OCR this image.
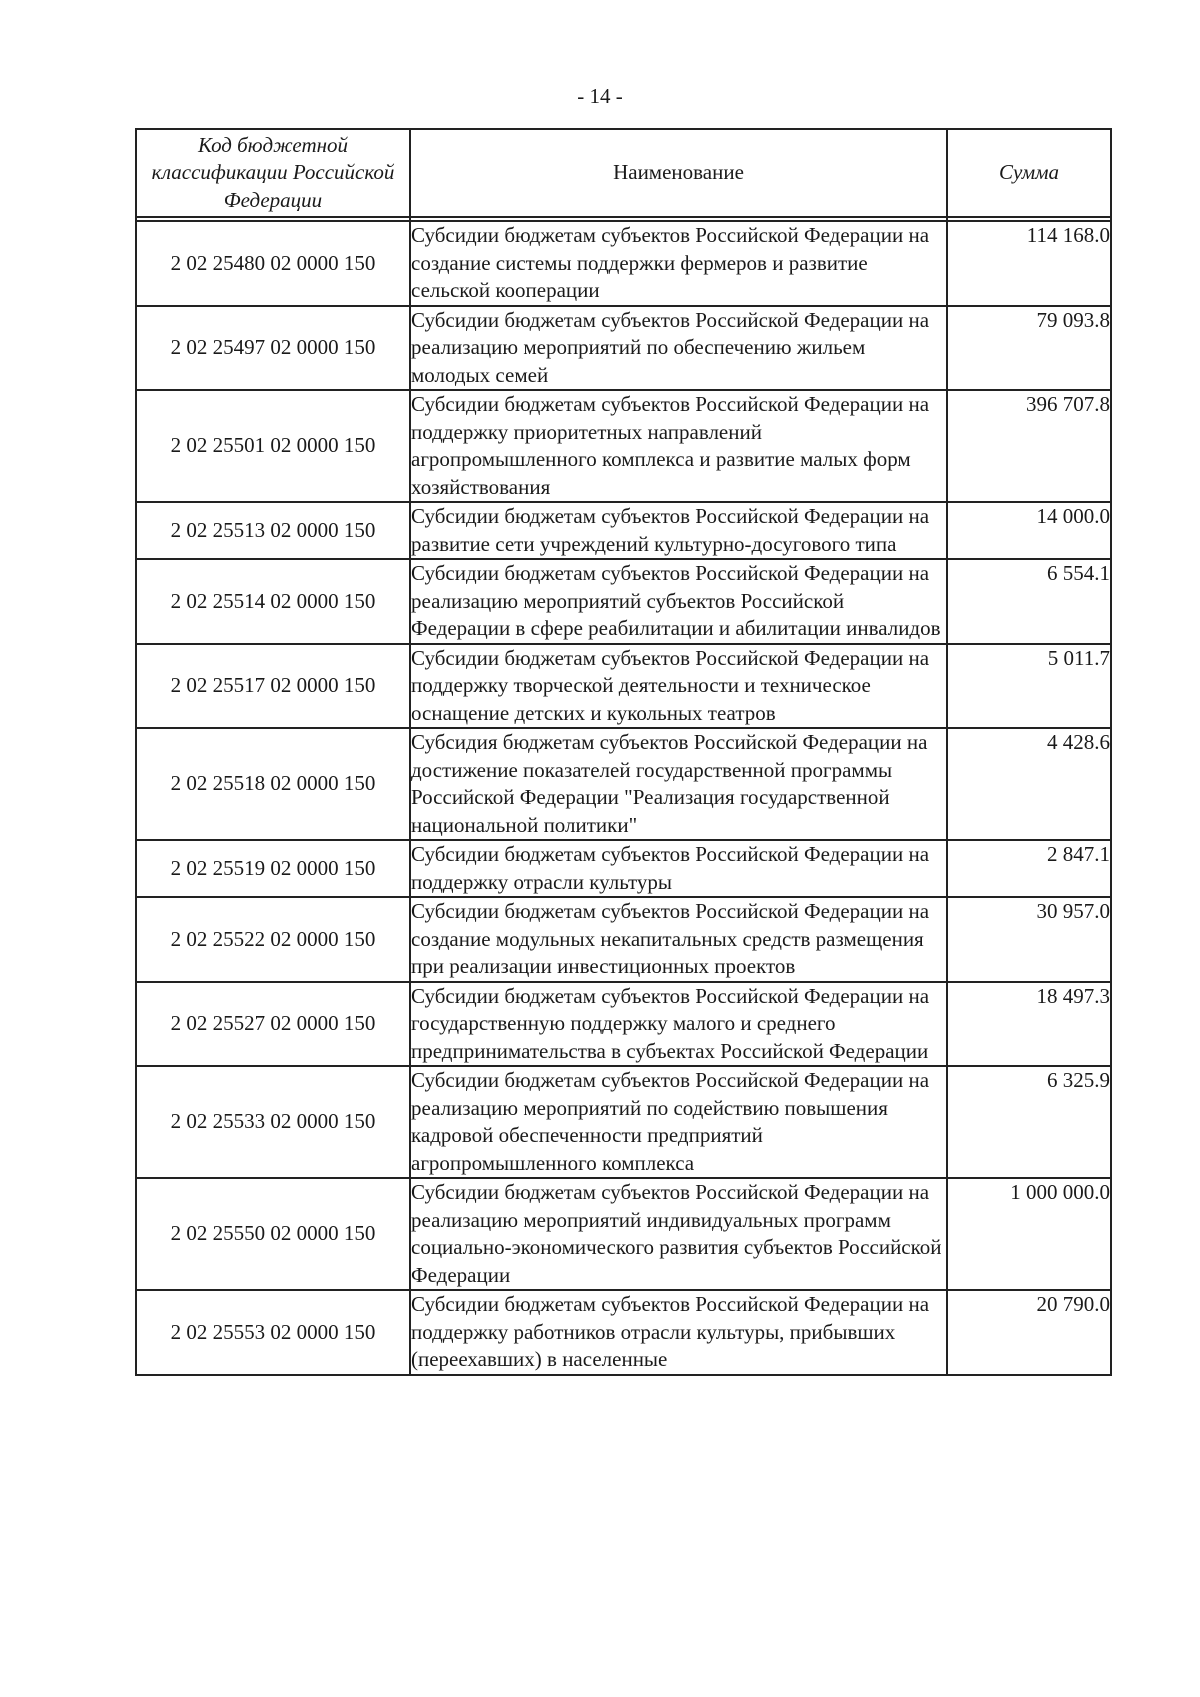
- 14 -
Код бюджетной классификации Российской Федерации	Наименование	Сумма

2 02 25480 02 0000 150	Субсидии бюджетам субъектов Российской Федерации на создание системы поддержки фермеров и развитие сельской кооперации	114 168.0
2 02 25497 02 0000 150	Субсидии бюджетам субъектов Российской Федерации на реализацию мероприятий по обеспечению жильем молодых семей	79 093.8
2 02 25501 02 0000 150	Субсидии бюджетам субъектов Российской Федерации на поддержку приоритетных направлений агропромышленного комплекса и развитие малых форм хозяйствования	396 707.8
2 02 25513 02 0000 150	Субсидии бюджетам субъектов Российской Федерации на развитие сети учреждений культурно-досугового типа	14 000.0
2 02 25514 02 0000 150	Субсидии бюджетам субъектов Российской Федерации на реализацию мероприятий субъектов Российской Федерации в сфере реабилитации и абилитации инвалидов	6 554.1
2 02 25517 02 0000 150	Субсидии бюджетам субъектов Российской Федерации на поддержку творческой деятельности и техническое оснащение детских и кукольных театров	5 011.7
2 02 25518 02 0000 150	Субсидия бюджетам субъектов Российской Федерации на достижение показателей государственной программы Российской Федерации "Реализация государственной национальной политики"	4 428.6
2 02 25519 02 0000 150	Субсидии бюджетам субъектов Российской Федерации на поддержку отрасли культуры	2 847.1
2 02 25522 02 0000 150	Субсидии бюджетам субъектов Российской Федерации на создание модульных некапитальных средств размещения при реализации инвестиционных проектов	30 957.0
2 02 25527 02 0000 150	Субсидии бюджетам субъектов Российской Федерации на государственную поддержку малого и среднего предпринимательства в субъектах Российской Федерации	18 497.3
2 02 25533 02 0000 150	Субсидии бюджетам субъектов Российской Федерации на реализацию мероприятий по содействию повышения кадровой обеспеченности предприятий агропромышленного комплекса	6 325.9
2 02 25550 02 0000 150	Субсидии бюджетам субъектов Российской Федерации на реализацию мероприятий индивидуальных программ социально-экономического развития субъектов Российской Федерации	1 000 000.0
2 02 25553 02 0000 150	Субсидии бюджетам субъектов Российской Федерации на поддержку работников отрасли культуры, прибывших (переехавших) в населенные	20 790.0
